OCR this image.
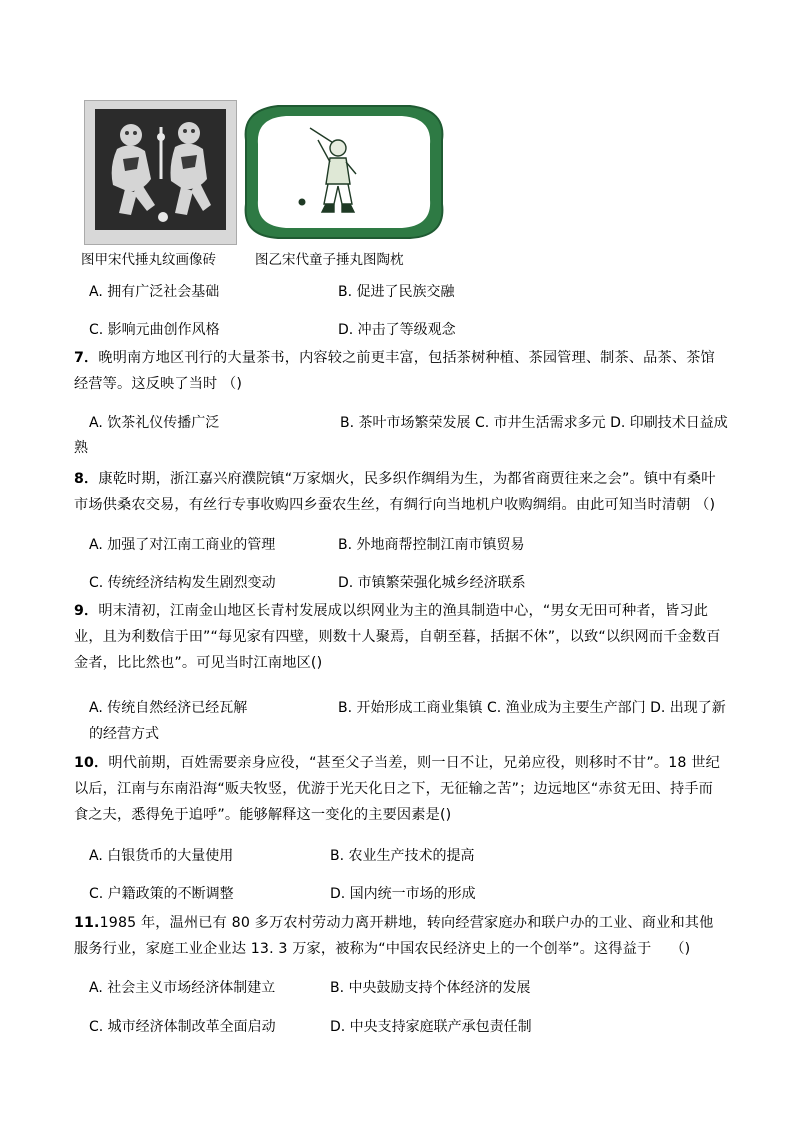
图甲宋代捶丸纹画像砖	图乙宋代童子捶丸图陶枕
A. 拥有广泛社会基础	B. 促进了民族交融
C. 影响元曲创作风格	D. 冲击了等级观念
7．晚明南方地区刊行的大量茶书，内容较之前更丰富，包括茶树种植、茶园管理、制茶、品茶、茶馆经营等。这反映了当时 （)
A. 饮茶礼仪传播广泛	B. 茶叶市场繁荣发展 C. 市井生活需求多元 D. 印刷技术日益成
熟
8．康乾时期，浙江嘉兴府濮院镇“万家烟火，民多织作绸绢为生，为都省商贾往来之会”。镇中有桑叶市场供桑农交易，有丝行专事收购四乡蚕农生丝，有绸行向当地机户收购绸绢。由此可知当时清朝 （)
A. 加强了对江南工商业的管理	B. 外地商帮控制江南市镇贸易
C. 传统经济结构发生剧烈变动	D. 市镇繁荣强化城乡经济联系
9．明末清初，江南金山地区长青村发展成以织网业为主的渔具制造中心，“男女无田可种者，皆习此业，且为利数信于田”“每见家有四壁，则数十人聚焉，自朝至暮，括据不休”，以致“以织网而千金数百金者，比比然也”。可见当时江南地区()
A. 传统自然经济已经瓦解	B. 开始形成工商业集镇 C. 渔业成为主要生产部门 D. 出现了新
的经营方式
10．明代前期，百姓需要亲身应役，“甚至父子当差，则一日不让，兄弟应役，则移时不甘”。18 世纪以后，江南与东南沿海“贩夫牧竖，优游于光天化日之下，无征输之苦”；边远地区“赤贫无田、持手而食之夫，悉得免于追呼”。能够解释这一变化的主要因素是()
A. 白银货币的大量使用	B. 农业生产技术的提高
C. 户籍政策的不断调整	D. 国内统一市场的形成
11.1985 年，温州已有 80 多万农村劳动力离开耕地，转向经营家庭办和联户办的工业、商业和其他服务行业，家庭工业企业达 13. 3 万家，被称为“中国农民经济史上的一个创举”。这得益于　 （)
A. 社会主义市场经济体制建立	B. 中央鼓励支持个体经济的发展
C. 城市经济体制改革全面启动	D. 中央支持家庭联产承包责任制
